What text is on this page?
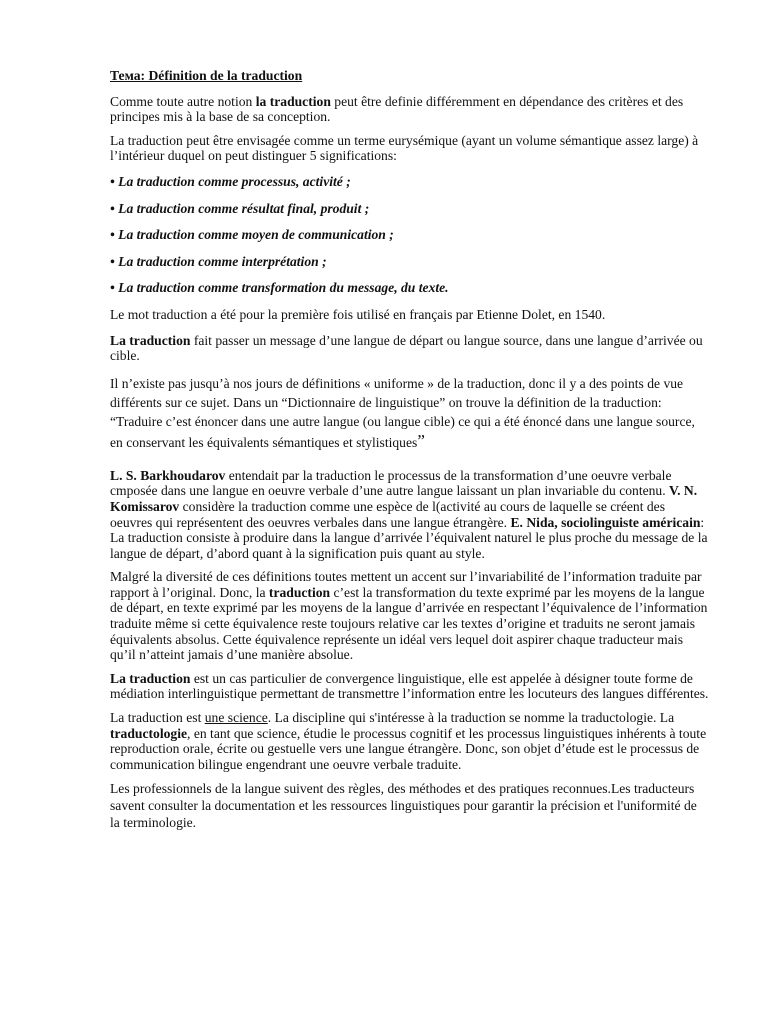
Тема: Définition de la traduction

Comme toute autre notion la traduction peut être definie différemment en dépendance des critères et des principes mis à la base de sa conception.

La traduction peut être envisagée comme un terme eurysémique (ayant un volume sémantique assez large) à l’intérieur duquel on peut distinguer 5 significations:

• La traduction comme processus, activité ;

• La traduction comme résultat final, produit ;

• La traduction comme moyen de communication ;

• La traduction comme interprétation ;

• La traduction comme transformation du message, du texte.

Le mot traduction a été pour la première fois utilisé en français par Etienne Dolet, en 1540.

La traduction fait passer un message d’une langue de départ ou langue source, dans une langue d’arrivée ou cible.

Il n’existe pas jusqu’à nos jours de définitions « uniforme » de la traduction, donc il y a des points de vue différents sur ce sujet. Dans un “Dictionnaire de linguistique” on trouve la définition de la traduction: “Traduire c’est énoncer dans une autre langue (ou langue cible) ce qui a été énoncé dans une langue source, en conservant les équivalents sémantiques et stylistiques”

L. S. Barkhoudarov entendait par la traduction le processus de la transformation d’une oeuvre verbale cmposée dans une langue en oeuvre verbale d’une autre langue laissant un plan invariable du contenu. V. N. Komissarov considère la traduction comme une espèce de l(activité au cours de laquelle se créent des oeuvres qui représentent des oeuvres verbales dans une langue étrangère. E. Nida, sociolinguiste américain: La traduction consiste à produire dans la langue d’arrivée l’équivalent naturel le plus proche du message de la langue de départ, d’abord quant à la signification puis quant au style.

Malgré la diversité de ces définitions toutes mettent un accent sur l’invariabilité de l’information traduite par rapport à l’original. Donc, la traduction c’est la transformation du texte exprimé par les moyens de la langue de départ, en texte exprimé par les moyens de la langue d’arrivée en respectant l’équivalence de l’information traduite même si cette équivalence reste toujours relative car les textes d’origine et traduits ne seront jamais équivalents absolus. Cette équivalence représente un idéal vers lequel doit aspirer chaque traducteur mais qu’il n’atteint jamais d’une manière absolue.

La traduction est un cas particulier de convergence linguistique, elle est appelée à désigner toute forme de médiation interlinguistique permettant de transmettre l’information entre les locuteurs des langues différentes.

La traduction est une science. La discipline qui s'intéresse à la traduction se nomme la traductologie. La traductologie, en tant que science, étudie le processus cognitif et les processus linguistiques inhérents à toute reproduction orale, écrite ou gestuelle vers une langue étrangère. Donc, son objet d’étude est le processus de communication bilingue engendrant une oeuvre verbale traduite.

Les professionnels de la langue suivent des règles, des méthodes et des pratiques reconnues.Les traducteurs savent consulter la documentation et les ressources linguistiques pour garantir la précision et l'uniformité de la terminologie.
